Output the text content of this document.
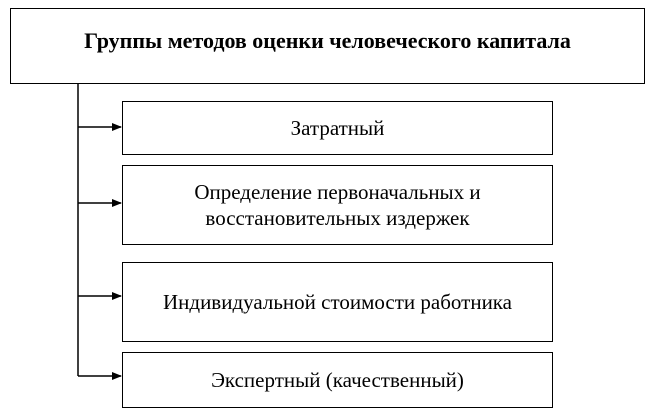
Группы методов оценки человеческого капитала
Затратный
Определение первоначальных и восстановительных издержек
Индивидуальной стоимости работника
Экспертный (качественный)
